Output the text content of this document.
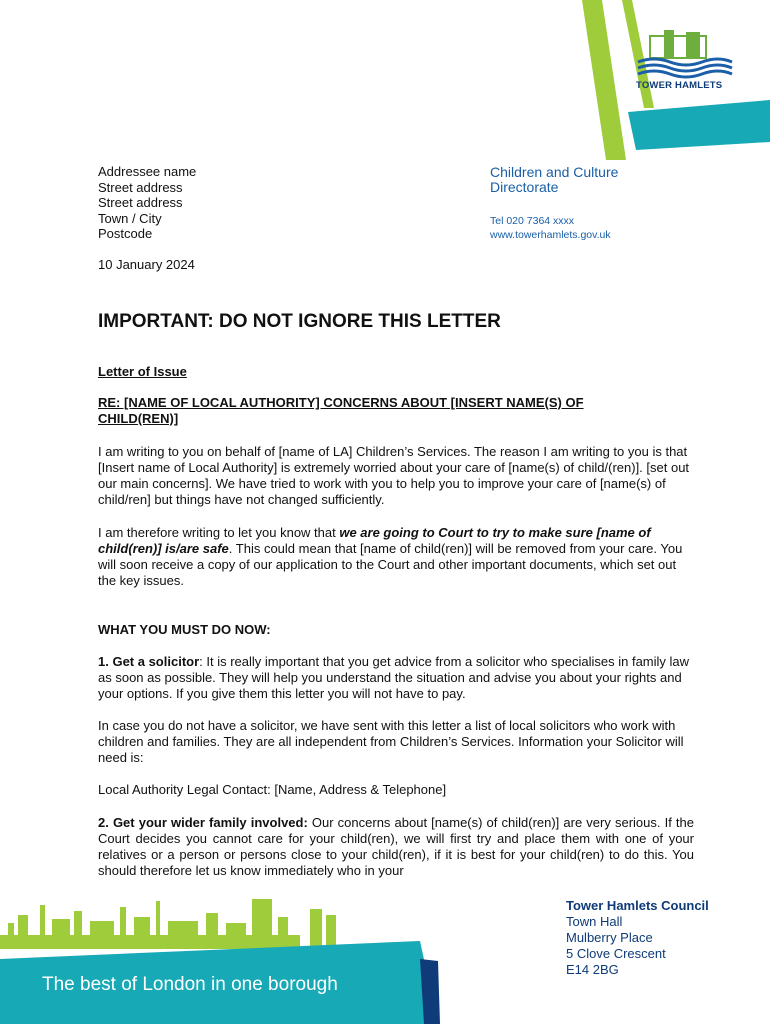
TOWER HAMLETS
Addressee name
Street address
Street address
Town / City
Postcode
Children and Culture
Directorate
Tel 020 7364 xxxx
www.towerhamlets.gov.uk
10 January 2024
IMPORTANT: DO NOT IGNORE THIS LETTER
Letter of Issue
RE: [NAME OF LOCAL AUTHORITY] CONCERNS ABOUT [INSERT NAME(S) OF
CHILD(REN)]
I am writing to you on behalf of [name of LA] Children’s Services. The reason I am writing to you is that [Insert name of Local Authority] is extremely worried about your care of [name(s) of child/(ren)]. [set out our main concerns]. We have tried to work with you to help you to improve your care of [name(s) of child/ren] but things have not changed sufficiently.
I am therefore writing to let you know that we are going to Court to try to make sure [name of child(ren)] is/are safe. This could mean that [name of child(ren)] will be removed from your care. You will soon receive a copy of our application to the Court and other important documents, which set out the key issues.
WHAT YOU MUST DO NOW:
1. Get a solicitor: It is really important that you get advice from a solicitor who specialises in family law as soon as possible. They will help you understand the situation and advise you about your rights and your options. If you give them this letter you will not have to pay.
In case you do not have a solicitor, we have sent with this letter a list of local solicitors who work with children and families. They are all independent from Children’s Services. Information your Solicitor will need is:
Local Authority Legal Contact: [Name, Address & Telephone]
2. Get your wider family involved: Our concerns about [name(s) of child(ren)] are very serious. If the Court decides you cannot care for your child(ren), we will first try and place them with one of your relatives or a person or persons close to your child(ren), if it is best for your child(ren) to do this. You should therefore let us know immediately who in your
The best of London in one borough
Tower Hamlets Council
Town Hall
Mulberry Place
5 Clove Crescent
E14 2BG
